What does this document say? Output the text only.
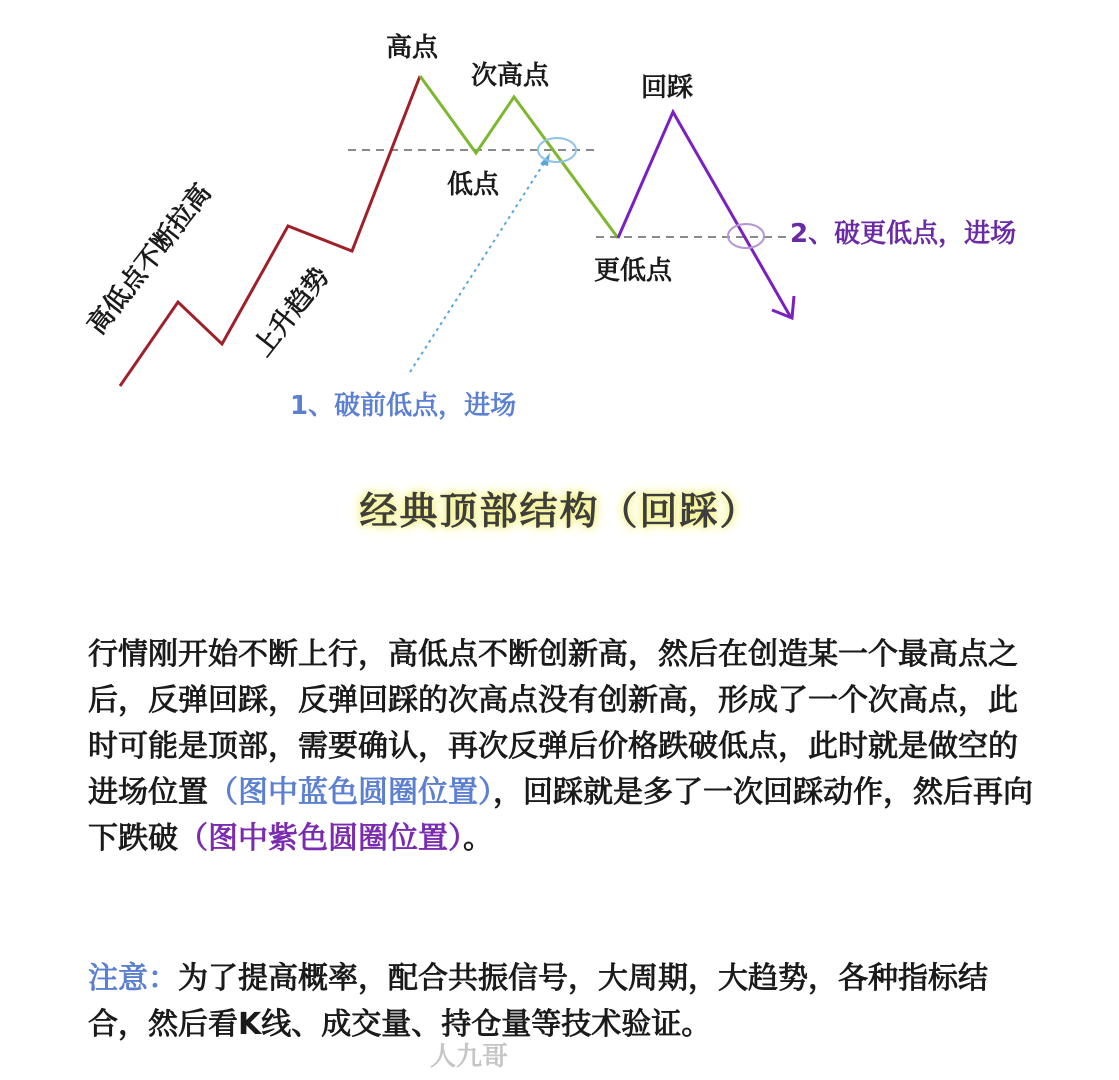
高点
次高点
低点
回踩
更低点
高低点不断拉高 上升趋势
1、破前低点，进场
2、破更低点，进场
经典顶部结构（回踩）

行情刚开始不断上行，高低点不断创新高，然后在创造某一个最高点之后，反弹回踩，反弹回踩的次高点没有创新高，形成了一个次高点，此时可能是顶部，需要确认，再次反弹后价格跌破低点，此时就是做空的进场位置（图中蓝色圆圈位置），回踩就是多了一次回踩动作，然后再向下跌破（图中紫色圆圈位置）。

注意：为了提高概率，配合共振信号，大周期，大趋势，各种指标结合，然后看K线、成交量、持仓量等技术验证。

人九哥
